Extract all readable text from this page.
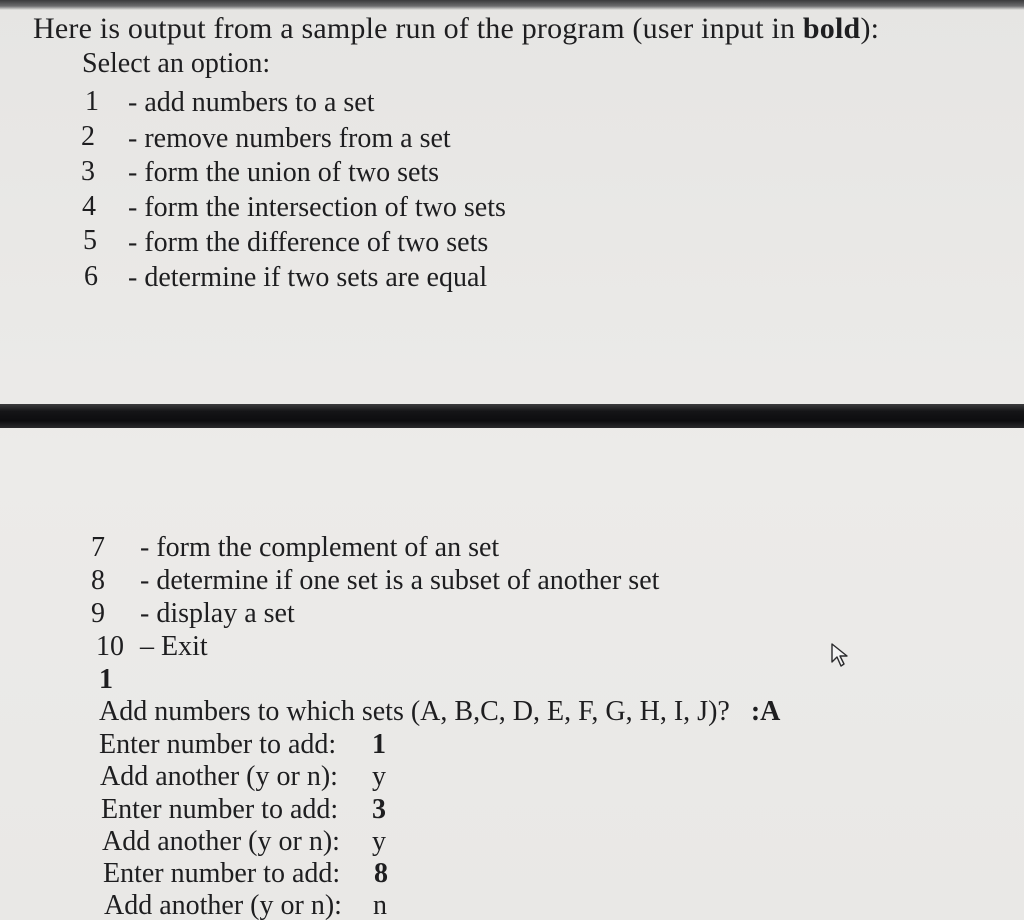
Here is output from a sample run of the program (user input in bold):
Select an option:
1 - add numbers to a set
2 - remove numbers from a set
3 - form the union of two sets
4 - form the intersection of two sets
5 - form the difference of two sets
6 - determine if two sets are equal
7 - form the complement of an set
8 - determine if one set is a subset of another set
9 - display a set
10 – Exit
1
Add numbers to which sets (A, B,C, D, E, F, G, H, I, J)? :A
Enter number to add: 1
Add another (y or n): y
Enter number to add: 3
Add another (y or n): y
Enter number to add: 8
Add another (y or n): n
